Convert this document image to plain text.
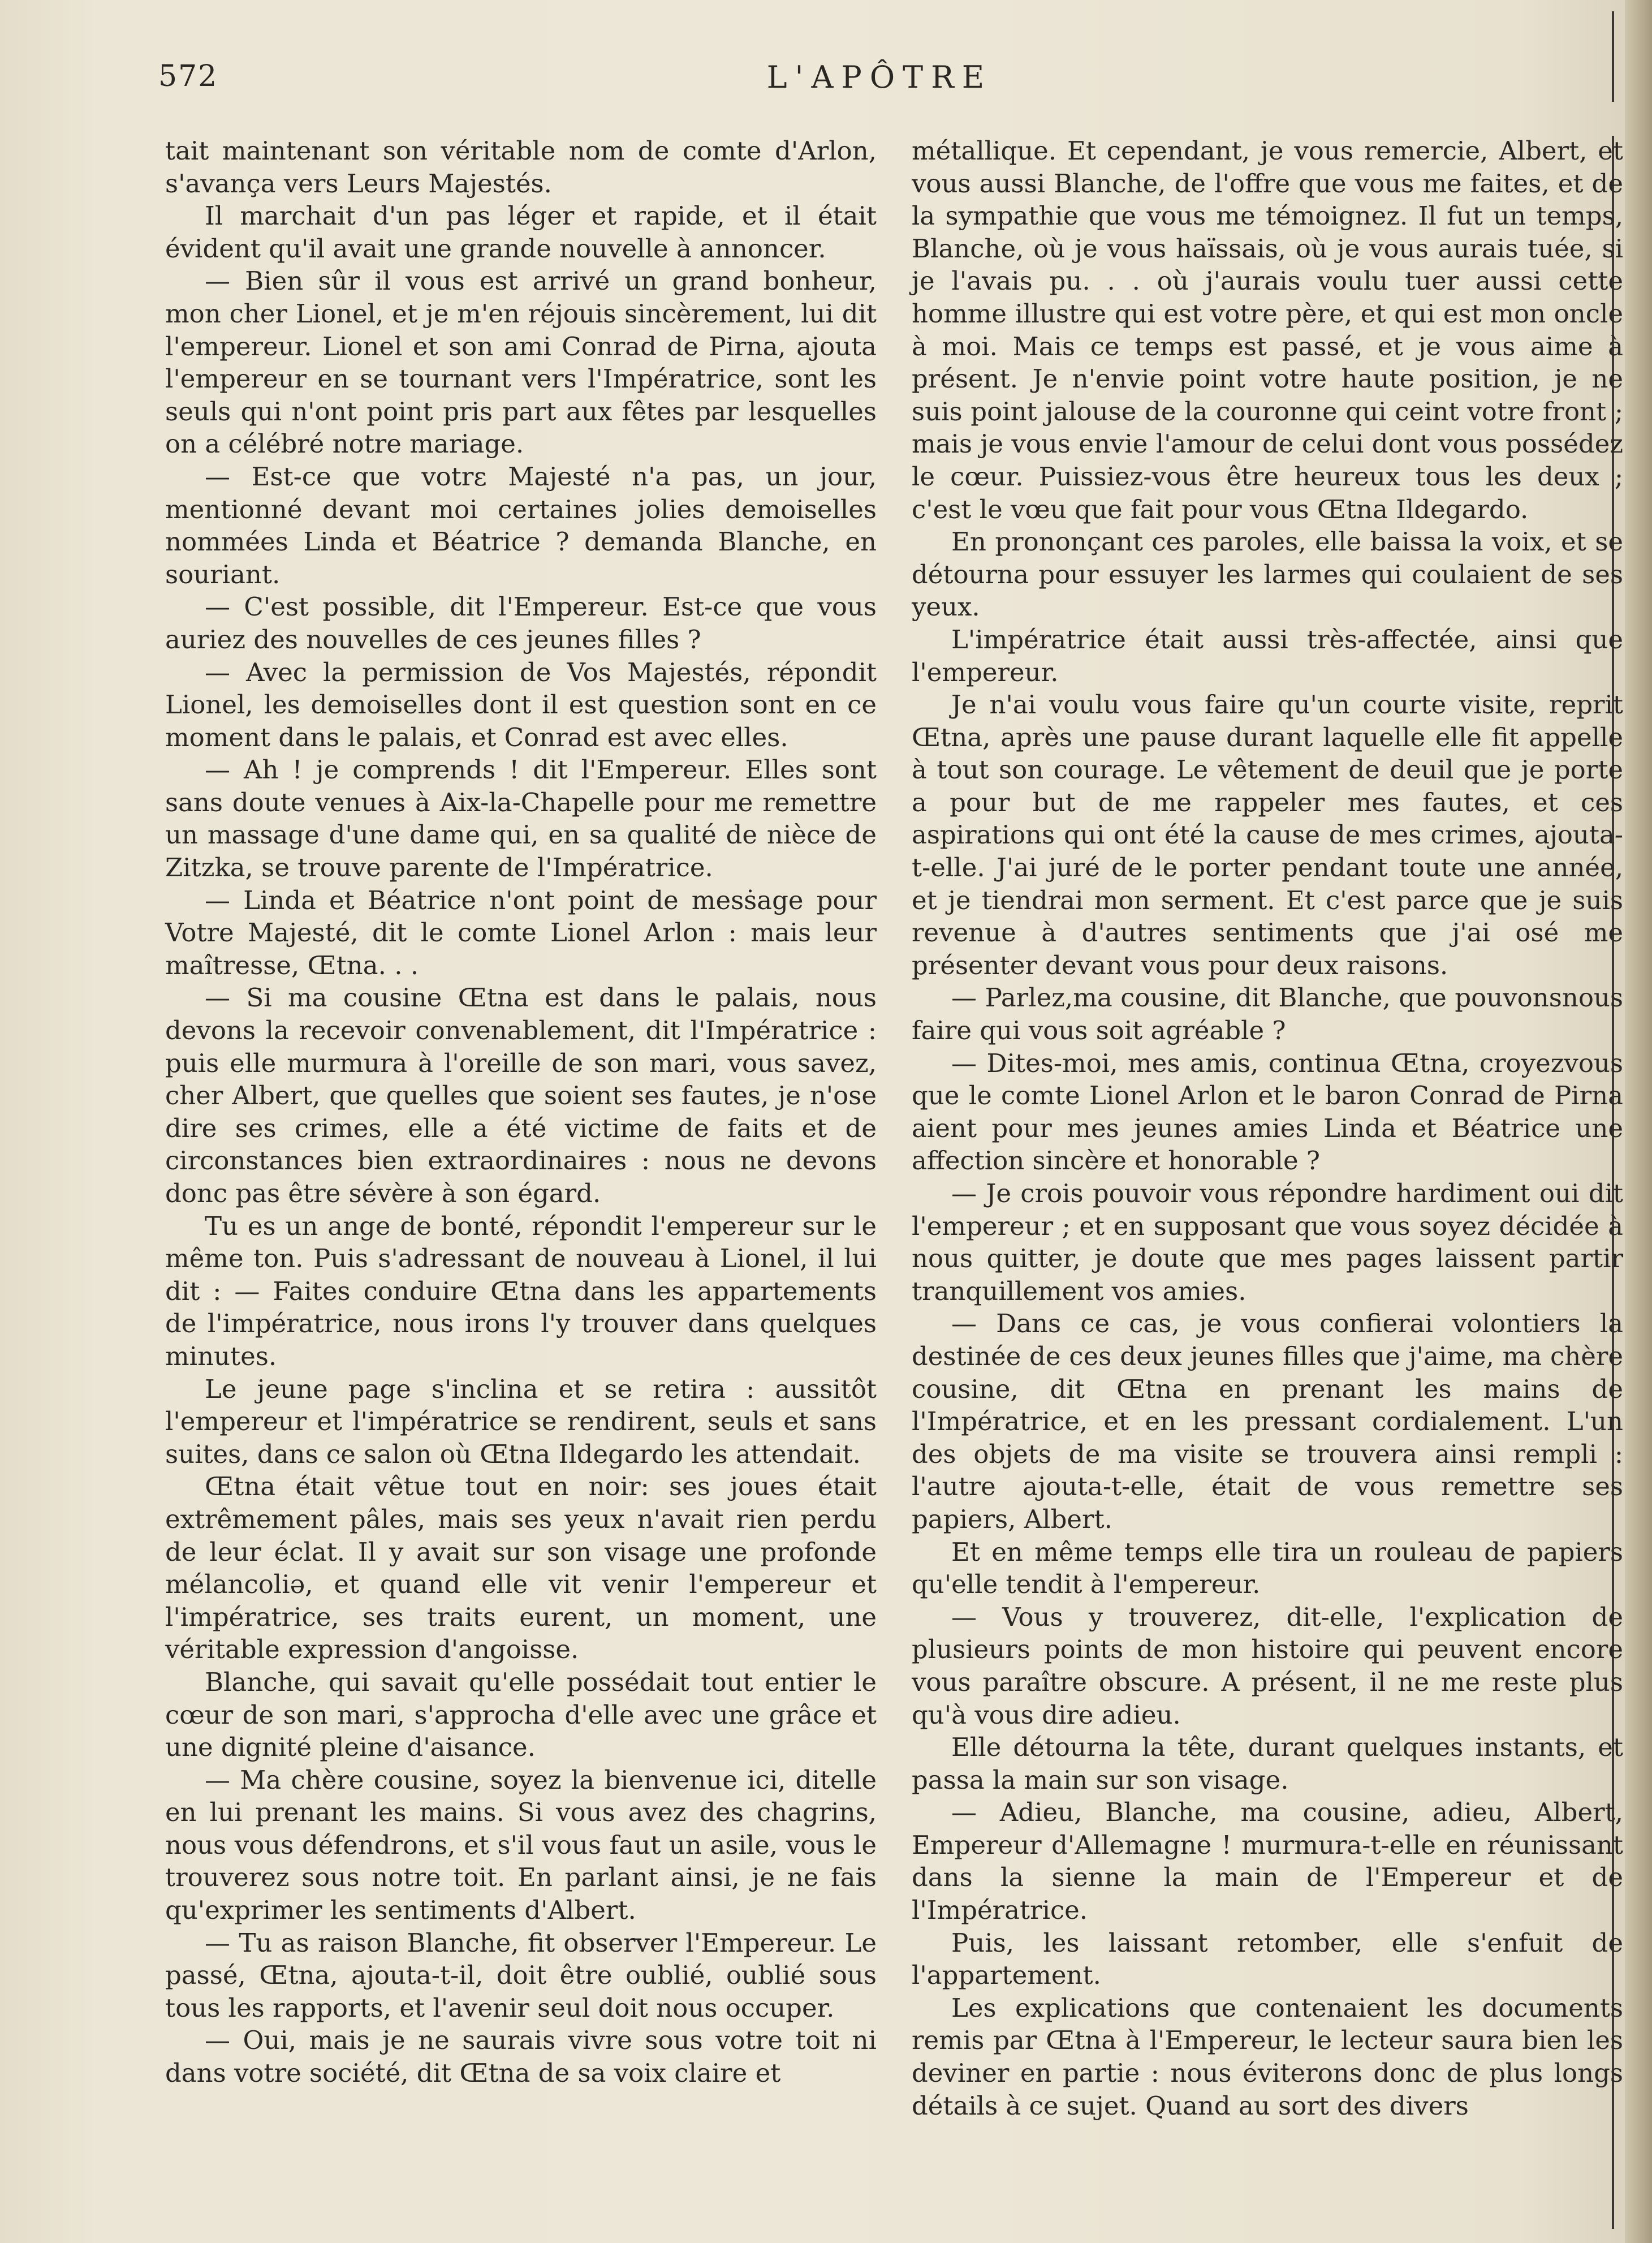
572	L'APÔTRE

tait maintenant son véritable nom de comte d'Arlon, s'avança vers Leurs Majestés.

Il marchait d'un pas léger et rapide, et il était évident qu'il avait une grande nouvelle à annoncer.

— Bien sûr il vous est arrivé un grand bonheur, mon cher Lionel, et je m'en réjouis sincèrement, lui dit l'empereur. Lionel et son ami Conrad de Pirna, ajouta l'empereur en se tournant vers l'Impératrice, sont les seuls qui n'ont point pris part aux fêtes par lesquelles on a célébré notre mariage.

— Est-ce que votrε Majesté n'a pas, un jour, mentionné devant moi certaines jolies demoiselles nommées Linda et Béatrice ? demanda Blanche, en souriant.

— C'est possible, dit l'Empereur. Est-ce que vous auriez des nouvelles de ces jeunes filles ?

— Avec la permission de Vos Majestés, répondit Lionel, les demoiselles dont il est question sont en ce moment dans le palais, et Conrad est avec elles.

— Ah ! je comprends ! dit l'Empereur. Elles sont sans doute venues à Aix-la-Chapelle pour me remettre un massage d'une dame qui, en sa qualité de nièce de Zitzka, se trouve parente de l'Impératrice.

— Linda et Béatrice n'ont point de mesṡage pour Votre Majesté, dit le comte Lionel Arlon : mais leur maîtresse, Œtna. . .

— Si ma cousine Œtna est dans le palais, nous devons la recevoir convenablement, dit l'Impératrice : puis elle murmura à l'oreille de son mari, vous savez, cher Albert, que quelles que soient ses fautes, je n'ose dire ses crimes, elle a été victime de faits et de circonstances bien extraordinaires : nous ne devons donc pas être sévère à son égard.

Tu es un ange de bonté, répondit l'empereur sur le même ton. Puis s'adressant de nouveau à Lionel, il lui dit : — Faites conduire Œtna dans les appartements de l'impératrice, nous irons l'y trouver dans quelques minutes.

Le jeune page s'inclina et se retira : aussitôt l'empereur et l'impératrice se rendirent, seuls et sans suites, dans ce salon où Œtna Ildegardo les attendait.

Œtna était vêtue tout en noir: ses joues était extrêmement pâles, mais ses yeux n'avait rien perdu de leur éclat. Il y avait sur son visage une profonde mélancoliǝ, et quand elle vit venir l'empereur et l'impératrice, ses traits eurent, un moment, une véritable expression d'angoisse.

Blanche, qui savait qu'elle possédait tout entier le cœur de son mari, s'approcha d'elle avec une grâce et une dignité pleine d'aisance.

— Ma chère cousine, soyez la bienvenue ici, ditelle en lui prenant les mains. Si vous avez des chagrins, nous vous défendrons, et s'il vous faut un asile, vous le trouverez sous notre toit. En parlant ainsi, je ne fais qu'exprimer les sentiments d'Albert.

— Tu as raison Blanche, fit observer l'Empereur. Le passé, Œtna, ajouta-t-il, doit être oublié, oublié sous tous les rapports, et l'avenir seul doit nous occuper.

— Oui, mais je ne saurais vivre sous votre toit ni dans votre société, dit Œtna de sa voix claire et

métallique. Et cependant, je vous remercie, Albert, et vous aussi Blanche, de l'offre que vous me faites, et de la sympathie que vous me témoignez. Il fut un temps, Blanche, où je vous haïssais, où je vous aurais tuée, si je l'avais pu. . . où j'aurais voulu tuer aussi cette homme illustre qui est votre père, et qui est mon oncle à moi. Mais ce temps est passé, et je vous aime à présent. Je n'envie point votre haute position, je ne suis point jalouse de la couronne qui ceint votre front ; mais je vous envie l'amour de celui dont vous possédez le cœur. Puissiez-vous être heureux tous les deux ; c'est le vœu que fait pour vous Œtna Ildegardo.

En prononçant ces paroles, elle baissa la voix, et se détourna pour essuyer les larmes qui coulaient de ses yeux.

L'impératrice était aussi très-affectée, ainsi que l'empereur.

Je n'ai voulu vous faire qu'un courte visite, reprit Œtna, après une pause durant laquelle elle fit appelle à tout son courage. Le vêtement de deuil que je porte a pour but de me rappeler mes fautes, et ces aspirations qui ont été la cause de mes crimes, ajouta-t-elle. J'ai juré de le porter pendant toute une année, et je tiendrai mon serment. Et c'est parce que je suis revenue à d'autres sentiments que j'ai osé me présenter devant vous pour deux raisons.

— Parlez,ma cousine, dit Blanche, que pouvonsnous faire qui vous soit agréable ?

— Dites-moi, mes amis, continua Œtna, croyezvous que le comte Lionel Arlon et le baron Conrad de Pirna aient pour mes jeunes amies Linda et Béatrice une affection sincère et honorable ?

— Je crois pouvoir vous répondre hardiment oui dit l'empereur ; et en supposant que vous soyez décidée à nous quitter, je doute que mes pages laissent partir tranquillement vos amies.

— Dans ce cas, je vous confierai volontiers la destinée de ces deux jeunes filles que j'aime, ma chère cousine, dit Œtna en prenant les mains de l'Impératrice, et en les pressant cordialement. L'un des objets de ma visite se trouvera ainsi rempli : l'autre ajouta-t-elle, était de vous remettre ses papiers, Albert.

Et en même temps elle tira un rouleau de papiers qu'elle tendit à l'empereur.

— Vous y trouverez, dit-elle, l'explication de plusieurs points de mon histoire qui peuvent encore vous paraître obscure. A présent, il ne me reste plus qu'à vous dire adieu.

Elle détourna la tête, durant quelques instants, et passa la main sur son visage.

— Adieu, Blanche, ma cousine, adieu, Albert, Empereur d'Allemagne ! murmura-t-elle en réunissant dans la sienne la main de l'Empereur et de l'Impératrice.

Puis, les laissant retomber, elle s'enfuit de l'appartement.

Les explications que contenaient les documents remis par Œtna à l'Empereur, le lecteur saura bien les deviner en partie : nous éviterons donc de plus longs détails à ce sujet. Quand au sort des divers
